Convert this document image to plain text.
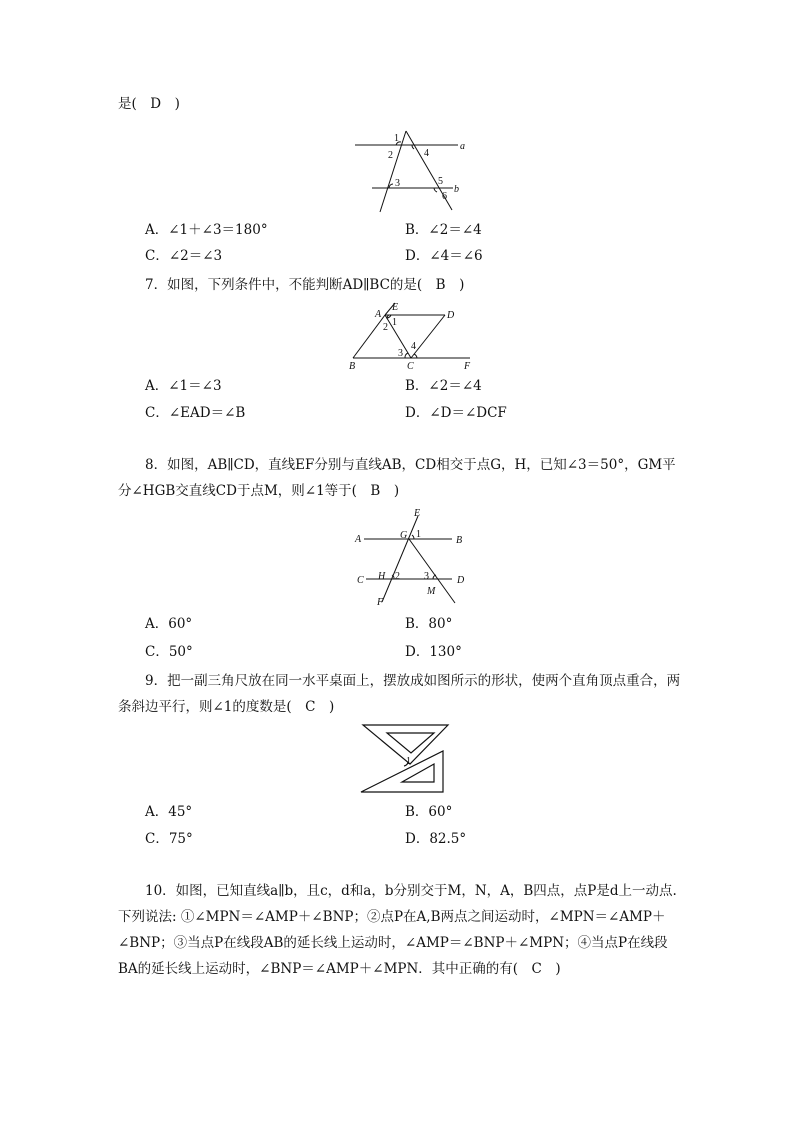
是(　D　)
1
2	4
a
3	5
6
b
A．∠1＋∠3＝180°	B．∠2＝∠4
C．∠2＝∠3	D．∠4＝∠6
7．如图，下列条件中，不能判断AD∥BC的是(　B　)
E
A
1
2
D
4
3
B	C	F
A．∠1＝∠3	B．∠2＝∠4
C．∠EAD＝∠B	D．∠D＝∠DCF
8．如图，AB∥CD，直线EF分别与直线AB，CD相交于点G，H，已知∠3＝50°，GM平分∠HGB交直线CD于点M，则∠1等于(　B　)
E
A	G 1
B
C H 2 3	D
M
F
A．60°	B．80°
C．50°	D．130°
9．把一副三角尺放在同一水平桌面上，摆放成如图所示的形状，使两个直角顶点重合，两条斜边平行，则∠1的度数是(　C　)
1
A．45°	B．60°
C．75°	D．82.5°
10．如图，已知直线a∥b，且c，d和a，b分别交于M，N，A，B四点，点P是d上一动点.下列说法: ①∠MPN＝∠AMP＋∠BNP；②点P在A,B两点之间运动时，∠MPN＝∠AMP＋∠BNP；③当点P在线段AB的延长线上运动时，∠AMP＝∠BNP＋∠MPN；④当点P在线段BA的延长线上运动时，∠BNP＝∠AMP＋∠MPN．其中正确的有(　C　)
